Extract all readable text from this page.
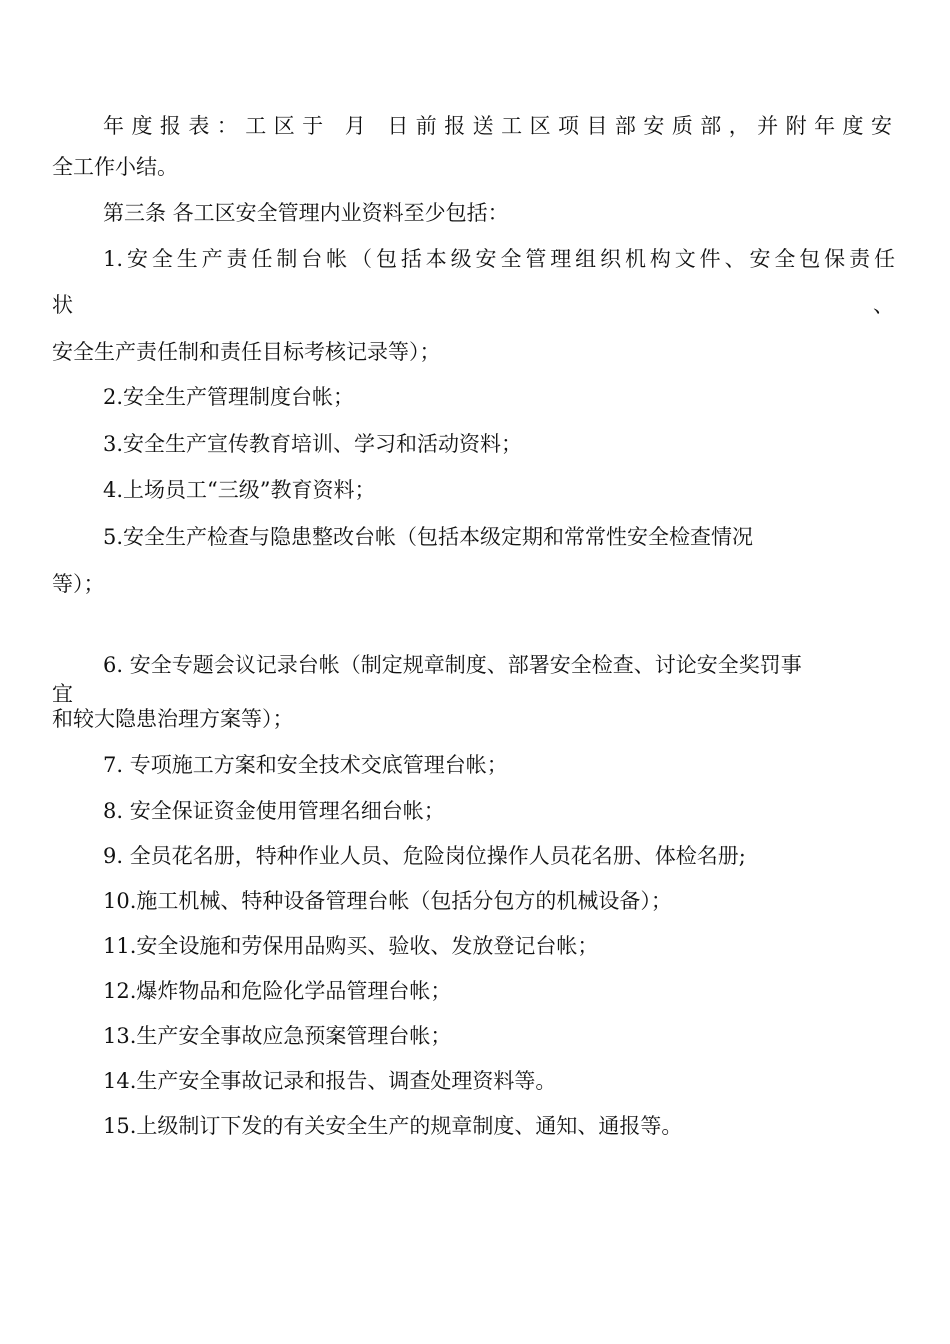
年度报表：工区于 月 日前报送工区项目部安质部，并附年度安
全工作小结。
第三条 各工区安全管理内业资料至少包括：
1.安全生产责任制台帐（包括本级安全管理组织机构文件、安全包保责任
状	、
安全生产责任制和责任目标考核记录等）；
2.安全生产管理制度台帐；
3.安全生产宣传教育培训、学习和活动资料；
4.上场员工“三级”教育资料；
5.安全生产检查与隐患整改台帐（包括本级定期和常常性安全检查情况
等）；
6. 安全专题会议记录台帐（制定规章制度、部署安全检查、讨论安全奖罚事
宜
和较大隐患治理方案等）；
7. 专项施工方案和安全技术交底管理台帐；
8. 安全保证资金使用管理名细台帐；
9. 全员花名册，特种作业人员、危险岗位操作人员花名册、体检名册;
10.施工机械、特种设备管理台帐（包括分包方的机械设备）；
11.安全设施和劳保用品购买、验收、发放登记台帐；
12.爆炸物品和危险化学品管理台帐；
13.生产安全事故应急预案管理台帐；
14.生产安全事故记录和报告、调查处理资料等。
15.上级制订下发的有关安全生产的规章制度、通知、通报等。
